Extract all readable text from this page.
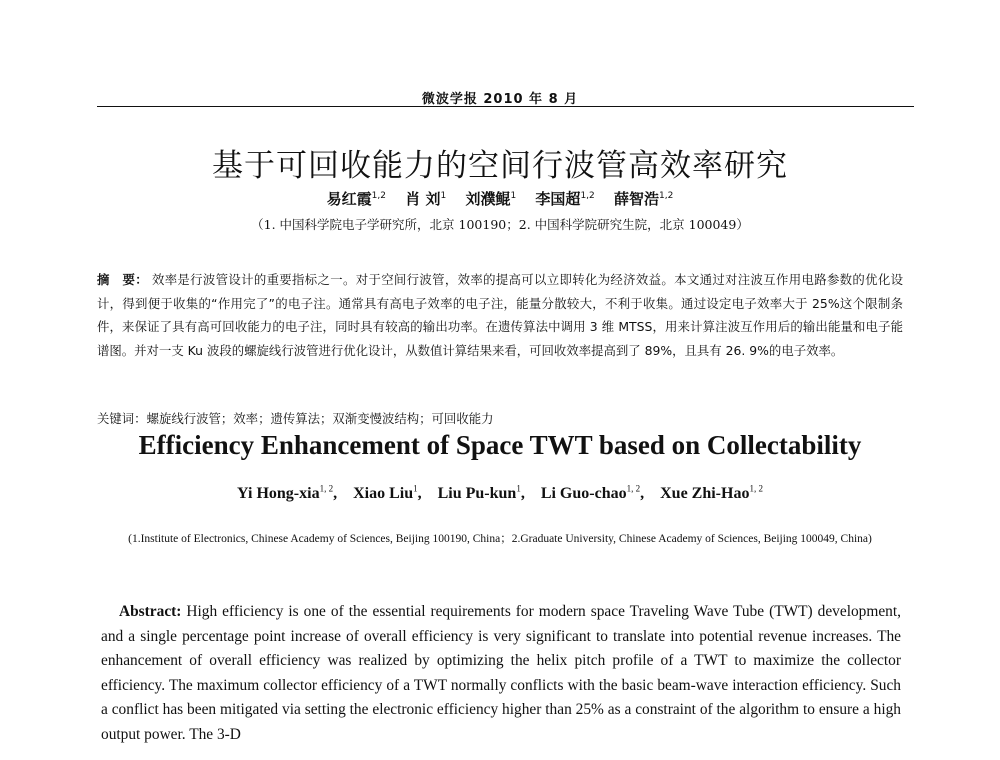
微波学报 2010 年 8 月
基于可回收能力的空间行波管高效率研究
易红霞$^{1,2}$ 肖 刘$^1$ 刘濮鲲$^1$ 李国超$^{1,2}$ 薛智浩$^{1,2}$
（1. 中国科学院电子学研究所，北京 100190；2. 中国科学院研究生院，北京 100049）
摘　要： 效率是行波管设计的重要指标之一。对于空间行波管，效率的提高可以立即转化为经济效益。本文通过对注波互作用电路参数的优化设计，得到便于收集的“作用完了”的电子注。通常具有高电子效率的电子注，能量分散较大，不利于收集。通过设定电子效率大于 25%这个限制条件，来保证了具有高可回收能力的电子注，同时具有较高的输出功率。在遗传算法中调用 3 维 MTSS，用来计算注波互作用后的输出能量和电子能谱图。并对一支 Ku 波段的螺旋线行波管进行优化设计，从数值计算结果来看，可回收效率提高到了 89%，且具有 26. 9%的电子效率。
关键词：螺旋线行波管；效率；遗传算法；双渐变慢波结构；可回收能力
Efficiency Enhancement of Space TWT based on Collectability
Yi Hong-xia$^{1, 2}$, Xiao Liu$^1$, Liu Pu-kun$^1$, Li Guo-chao$^{1, 2}$, Xue Zhi-Hao$^{1, 2}$
(1.Institute of Electronics, Chinese Academy of Sciences, Beijing 100190, China；2.Graduate University, Chinese Academy of Sciences, Beijing 100049, China)
Abstract: High efficiency is one of the essential requirements for modern space Traveling Wave Tube (TWT) development, and a single percentage point increase of overall efficiency is very significant to translate into potential revenue increases. The enhancement of overall efficiency was realized by optimizing the helix pitch profile of a TWT to maximize the collector efficiency. The maximum collector efficiency of a TWT normally conflicts with the basic beam-wave interaction efficiency. Such a conflict has been mitigated via setting the electronic efficiency higher than 25% as a constraint of the algorithm to ensure a high output power. The 3-D
